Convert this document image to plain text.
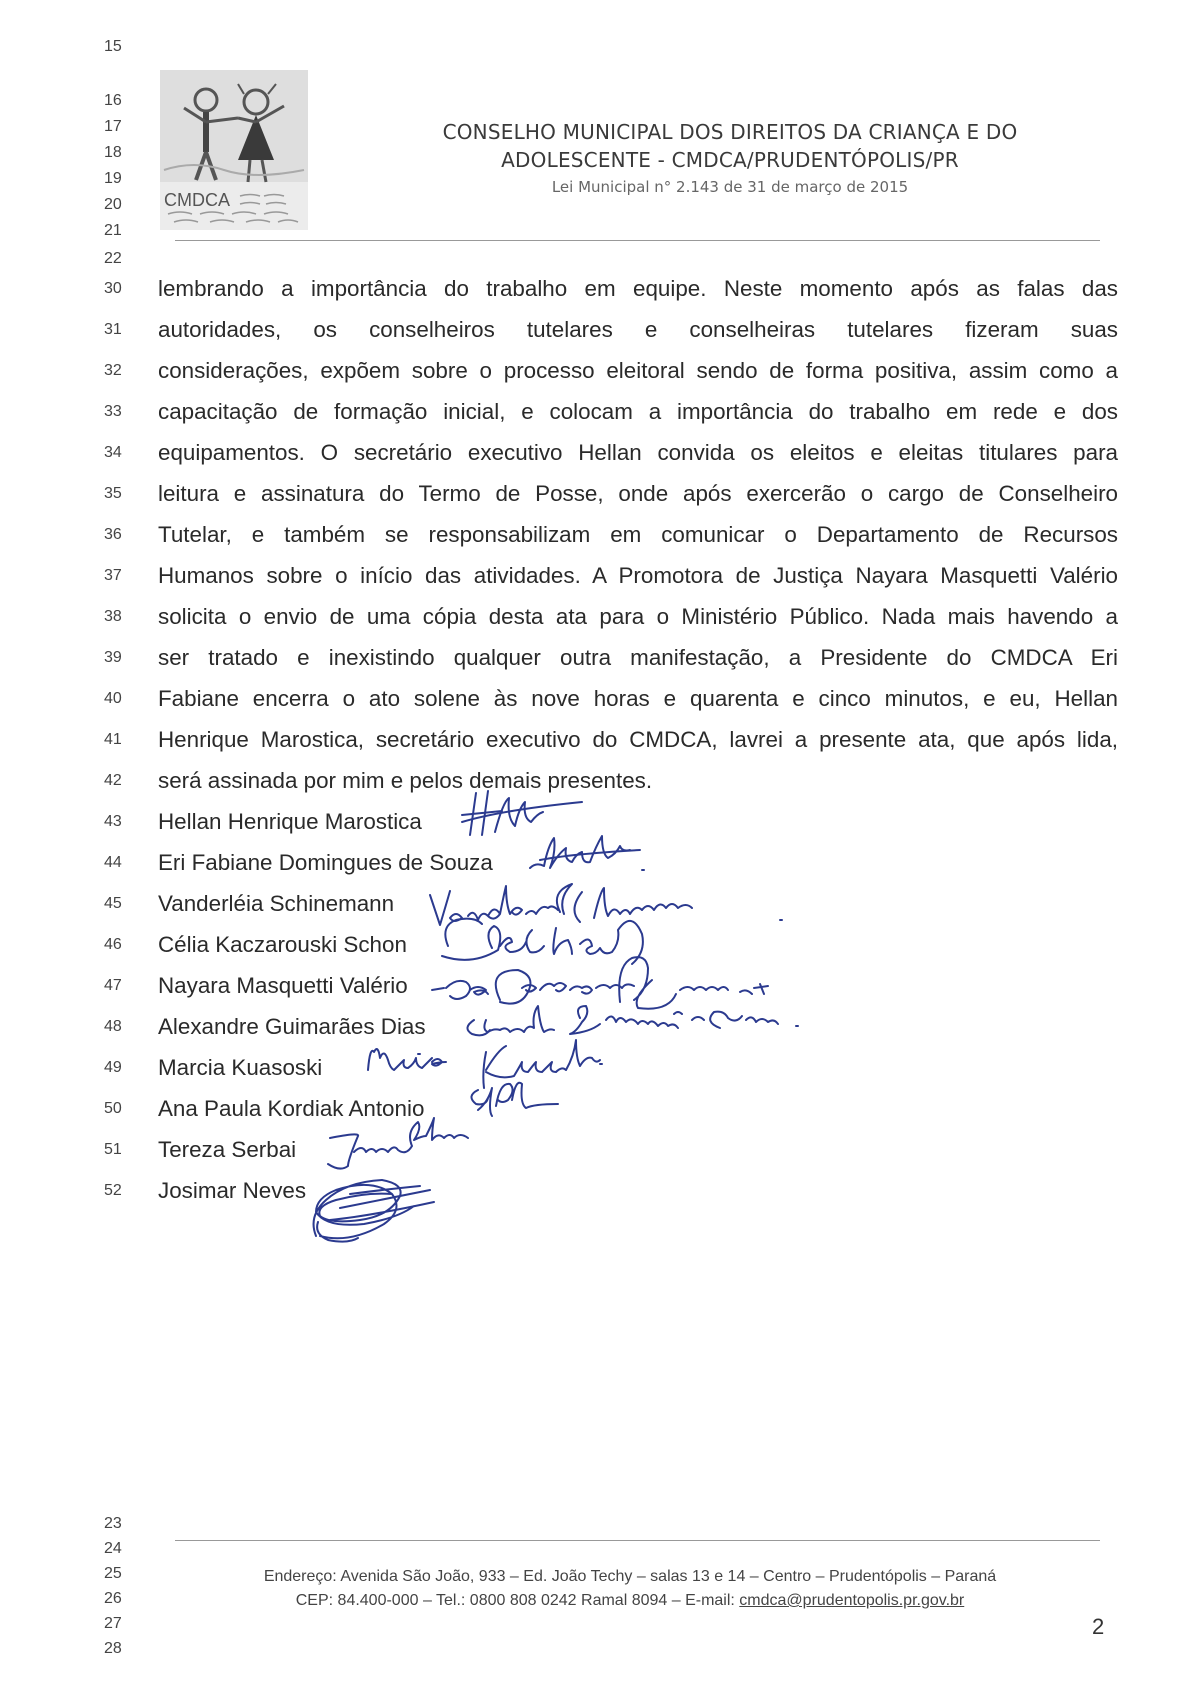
15
16
17
18
19
20
21
22
CMDCA
CONSELHO MUNICIPAL DOS DIREITOS DA CRIANÇA E DO
ADOLESCENTE - CMDCA/PRUDENTÓPOLIS/PR
Lei Municipal n° 2.143 de 31 de março de 2015
30
31
32
33
34
35
36
37
38
39
40
41
42
43
44
45
46
47
48
49
50
51
52
lembrando a importância do trabalho em equipe. Neste momento após as falas das
autoridades, os conselheiros tutelares e conselheiras tutelares fizeram suas
considerações, expõem sobre o processo eleitoral sendo de forma positiva, assim como a
capacitação de formação inicial, e colocam a importância do trabalho em rede e dos
equipamentos. O secretário executivo Hellan convida os eleitos e eleitas titulares para
leitura e assinatura do Termo de Posse, onde após exercerão o cargo de Conselheiro
Tutelar, e também se responsabilizam em comunicar o Departamento de Recursos
Humanos sobre o início das atividades. A Promotora de Justiça Nayara Masquetti Valério
solicita o envio de uma cópia desta ata para o Ministério Público. Nada mais havendo a
ser tratado e inexistindo qualquer outra manifestação, a Presidente do CMDCA Eri
Fabiane encerra o ato solene às nove horas e quarenta e cinco minutos, e eu, Hellan
Henrique Marostica, secretário executivo do CMDCA, lavrei a presente ata, que após lida,
será assinada por mim e pelos demais presentes.
Hellan Henrique Marostica
Eri Fabiane Domingues de Souza
Vanderléia Schinemann
Célia Kaczarouski Schon
Nayara Masquetti Valério
Alexandre Guimarães Dias
Marcia Kuasoski
Ana Paula Kordiak Antonio
Tereza Serbai
Josimar Neves
23
24
25
26
27
28
Endereço: Avenida São João, 933 – Ed. João Techy – salas 13 e 14 – Centro – Prudentópolis – Paraná
CEP: 84.400-000 – Tel.: 0800 808 0242 Ramal 8094 – E-mail: cmdca@prudentopolis.pr.gov.br
2
